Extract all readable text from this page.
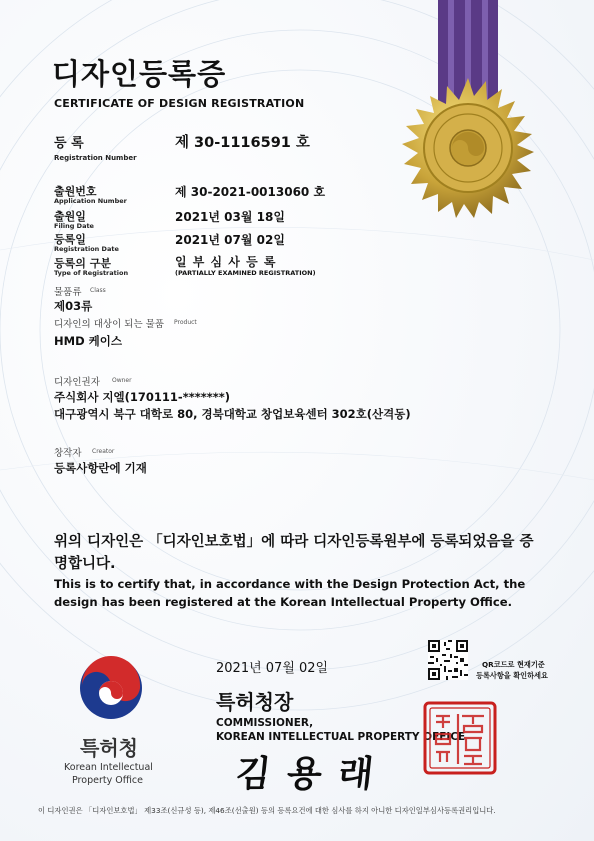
디자인등록증
CERTIFICATE OF DESIGN REGISTRATION
등 록
Registration Number
제 30-1116591 호
출원번호
Application Number
제 30-2021-0013060 호
출원일
Filing Date
2021년 03월 18일
등록일
Registration Date
2021년 07월 02일
등록의 구분
Type of Registration
일 부 심 사 등 록
(PARTIALLY EXAMINED REGISTRATION)
물품류 Class
제03류
디자인의 대상이 되는 물품 Product
HMD 케이스
디자인권자 Owner
주식회사 지엘(170111-*******)
대구광역시 북구 대학로 80, 경북대학교 창업보육센터 302호(산격동)
창작자 Creator
등록사항란에 기재
위의 디자인은 「디자인보호법」에 따라 디자인등록원부에 등록되었음을 증명합니다.
This is to certify that, in accordance with the Design Protection Act, the design has been registered at the Korean Intellectual Property Office.
특허청
Korean Intellectual
Property Office
2021년 07월 02일
특허청장
COMMISSIONER,
KOREAN INTELLECTUAL PROPERTY OFFICE
김 용 래
QR코드로 현재기준
등록사항을 확인하세요
이 디자인권은 「디자인보호법」 제33조(신규성 등), 제46조(선출원) 등의 등록요건에 대한 심사를 하지 아니한 디자인일부심사등록권리입니다.
